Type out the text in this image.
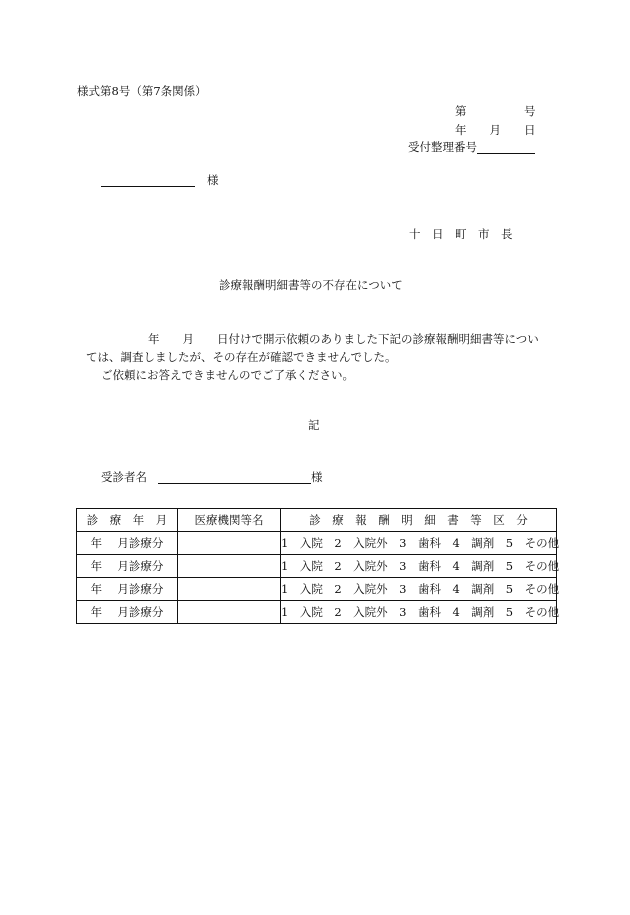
様式第8号（第7条関係）
第　　　　　号
年　　月　　日
受付整理番号
様
十　日　町　市　長
診療報酬明細書等の不存在について
年　　月　　日付けで開示依頼のありました下記の診療報酬明細書等につい
ては、調査しましたが、その存在が確認できませんでした。
ご依頼にお答えできませんのでご了承ください。
記
受診者名	様
診　療　年　月	医療機関等名	診　療　報　酬　明　細　書　等　区　分
年　 月診療分		1　入院　2　入院外　3　歯科　4　調剤　5　その他
年　 月診療分		1　入院　2　入院外　3　歯科　4　調剤　5　その他
年　 月診療分		1　入院　2　入院外　3　歯科　4　調剤　5　その他
年　 月診療分		1　入院　2　入院外　3　歯科　4　調剤　5　その他
